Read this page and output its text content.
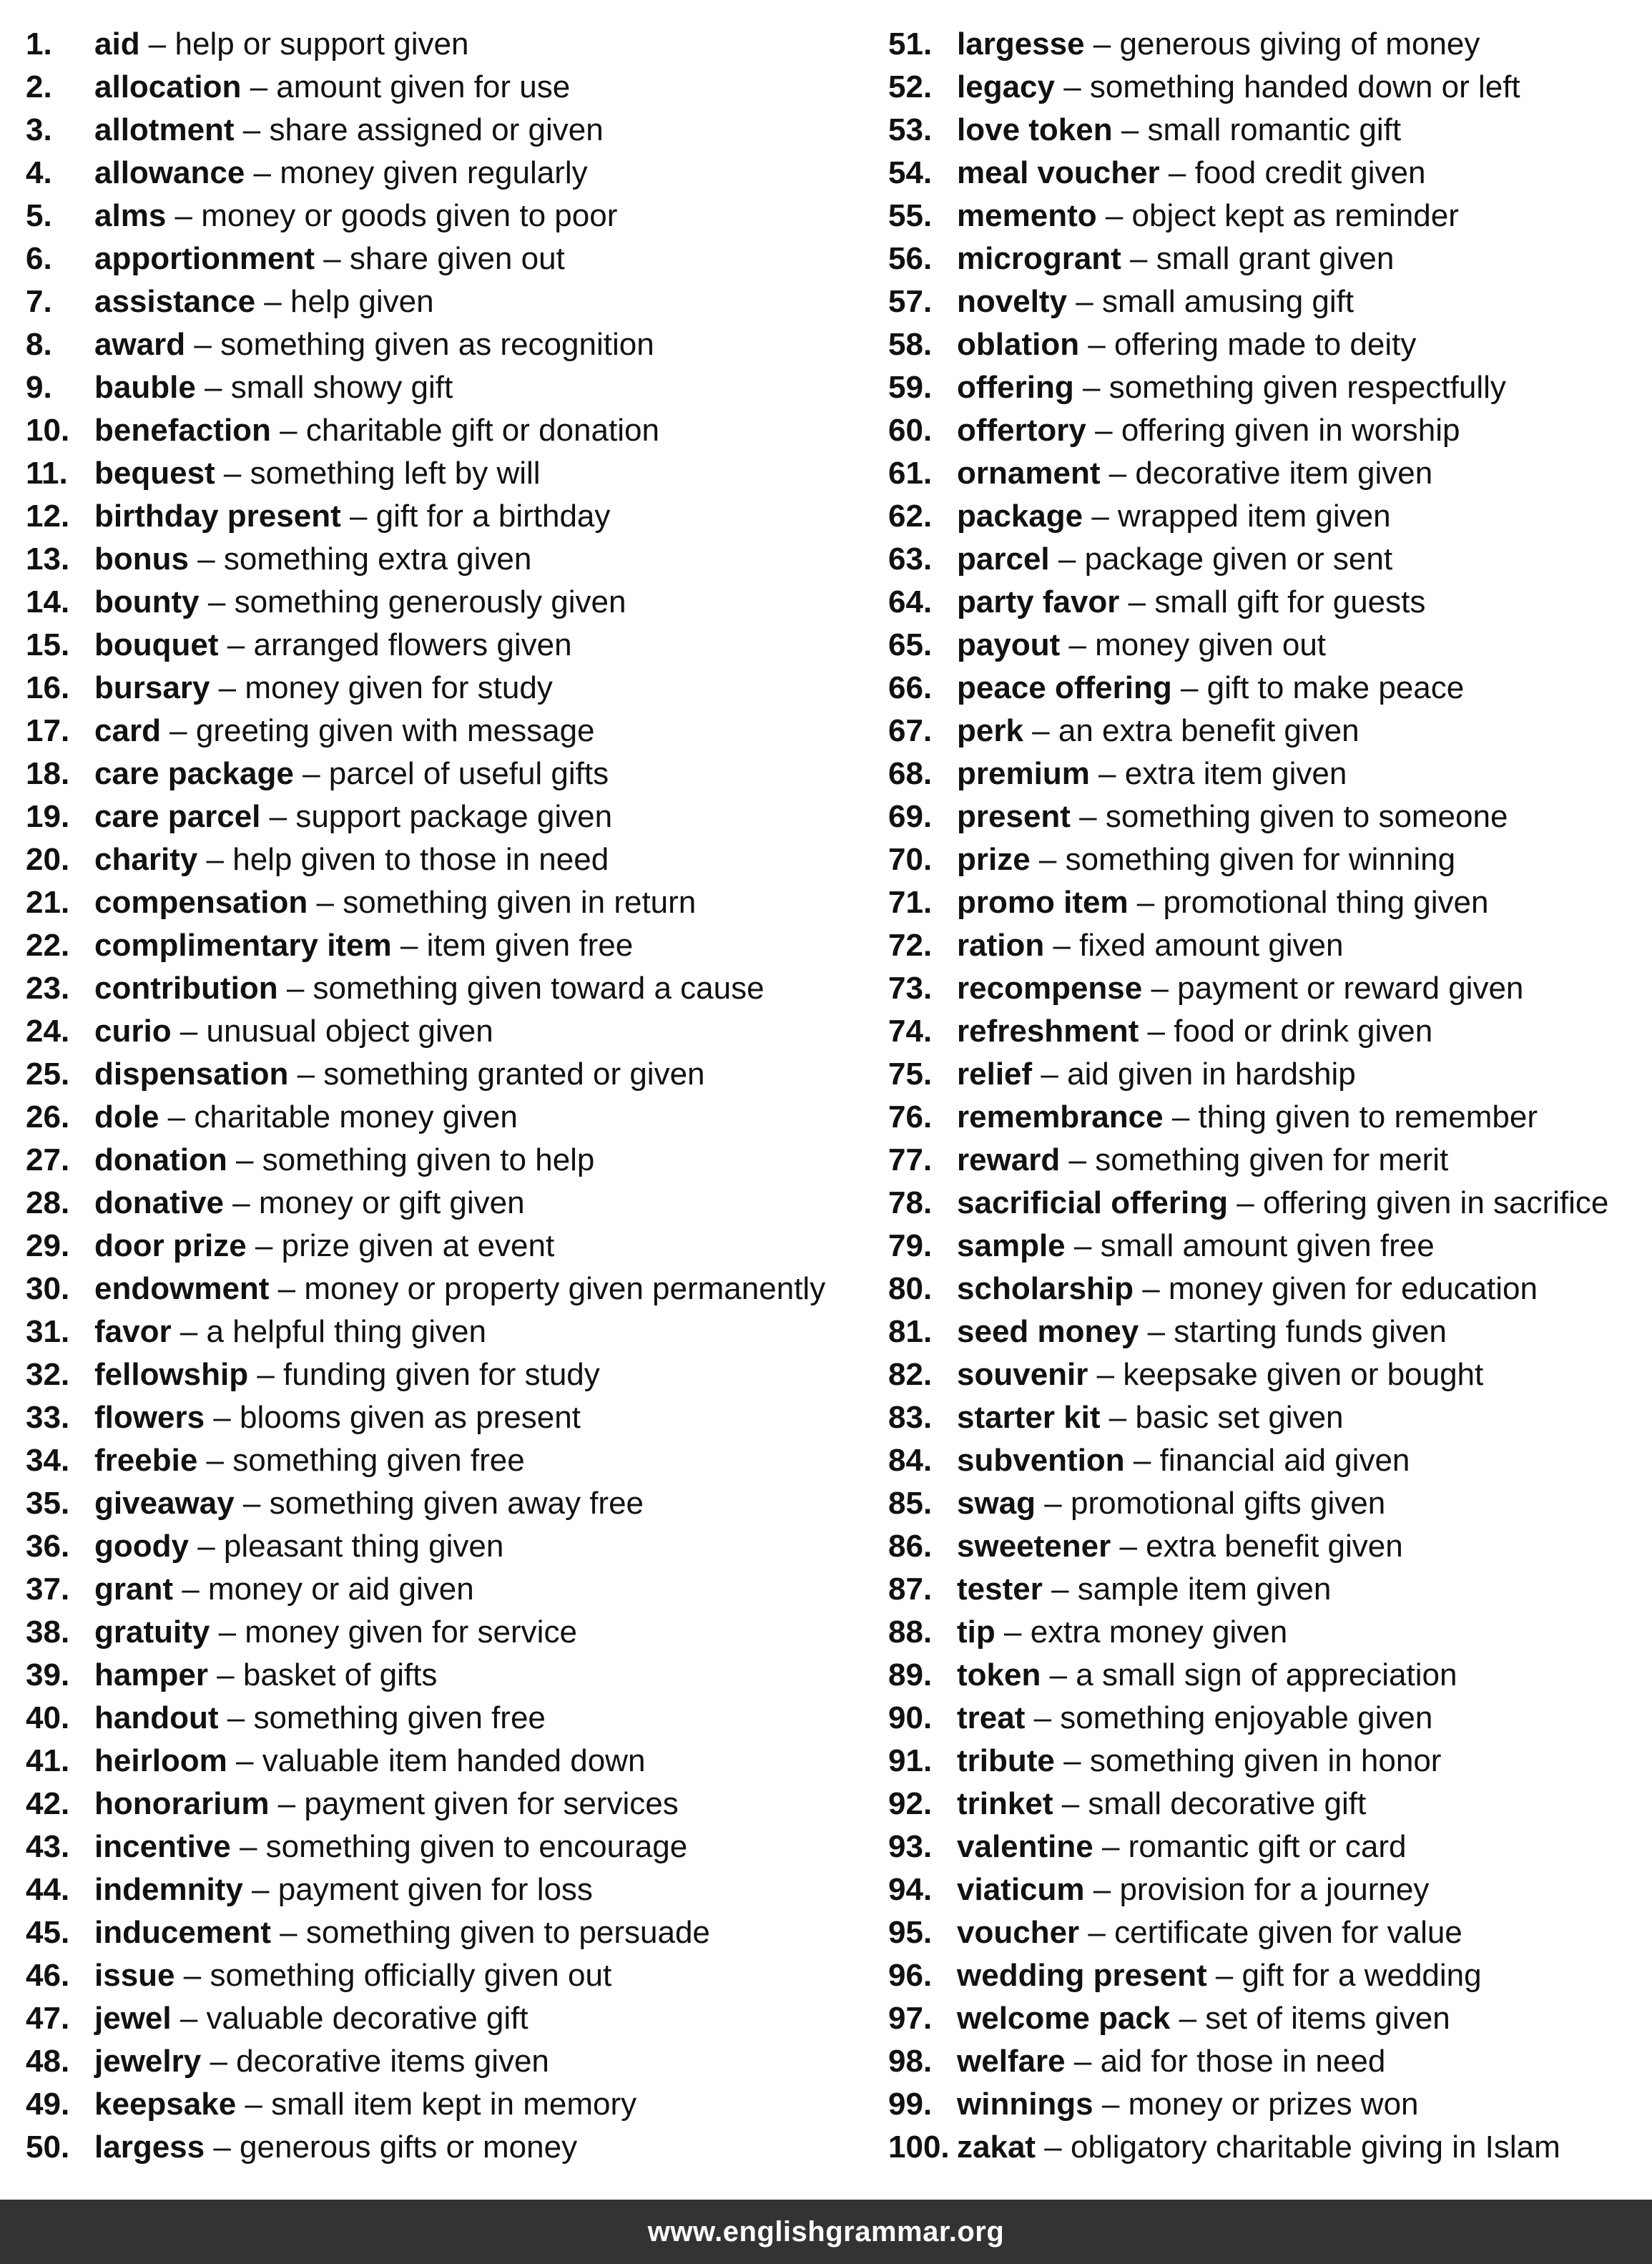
1. aid – help or support given
2. allocation – amount given for use
3. allotment – share assigned or given
4. allowance – money given regularly
5. alms – money or goods given to poor
6. apportionment – share given out
7. assistance – help given
8. award – something given as recognition
9. bauble – small showy gift
10. benefaction – charitable gift or donation
11. bequest – something left by will
12. birthday present – gift for a birthday
13. bonus – something extra given
14. bounty – something generously given
15. bouquet – arranged flowers given
16. bursary – money given for study
17. card – greeting given with message
18. care package – parcel of useful gifts
19. care parcel – support package given
20. charity – help given to those in need
21. compensation – something given in return
22. complimentary item – item given free
23. contribution – something given toward a cause
24. curio – unusual object given
25. dispensation – something granted or given
26. dole – charitable money given
27. donation – something given to help
28. donative – money or gift given
29. door prize – prize given at event
30. endowment – money or property given permanently
31. favor – a helpful thing given
32. fellowship – funding given for study
33. flowers – blooms given as present
34. freebie – something given free
35. giveaway – something given away free
36. goody – pleasant thing given
37. grant – money or aid given
38. gratuity – money given for service
39. hamper – basket of gifts
40. handout – something given free
41. heirloom – valuable item handed down
42. honorarium – payment given for services
43. incentive – something given to encourage
44. indemnity – payment given for loss
45. inducement – something given to persuade
46. issue – something officially given out
47. jewel – valuable decorative gift
48. jewelry – decorative items given
49. keepsake – small item kept in memory
50. largess – generous gifts or money
51. largesse – generous giving of money
52. legacy – something handed down or left
53. love token – small romantic gift
54. meal voucher – food credit given
55. memento – object kept as reminder
56. microgrant – small grant given
57. novelty – small amusing gift
58. oblation – offering made to deity
59. offering – something given respectfully
60. offertory – offering given in worship
61. ornament – decorative item given
62. package – wrapped item given
63. parcel – package given or sent
64. party favor – small gift for guests
65. payout – money given out
66. peace offering – gift to make peace
67. perk – an extra benefit given
68. premium – extra item given
69. present – something given to someone
70. prize – something given for winning
71. promo item – promotional thing given
72. ration – fixed amount given
73. recompense – payment or reward given
74. refreshment – food or drink given
75. relief – aid given in hardship
76. remembrance – thing given to remember
77. reward – something given for merit
78. sacrificial offering – offering given in sacrifice
79. sample – small amount given free
80. scholarship – money given for education
81. seed money – starting funds given
82. souvenir – keepsake given or bought
83. starter kit – basic set given
84. subvention – financial aid given
85. swag – promotional gifts given
86. sweetener – extra benefit given
87. tester – sample item given
88. tip – extra money given
89. token – a small sign of appreciation
90. treat – something enjoyable given
91. tribute – something given in honor
92. trinket – small decorative gift
93. valentine – romantic gift or card
94. viaticum – provision for a journey
95. voucher – certificate given for value
96. wedding present – gift for a wedding
97. welcome pack – set of items given
98. welfare – aid for those in need
99. winnings – money or prizes won
100. zakat – obligatory charitable giving in Islam
www.englishgrammar.org
